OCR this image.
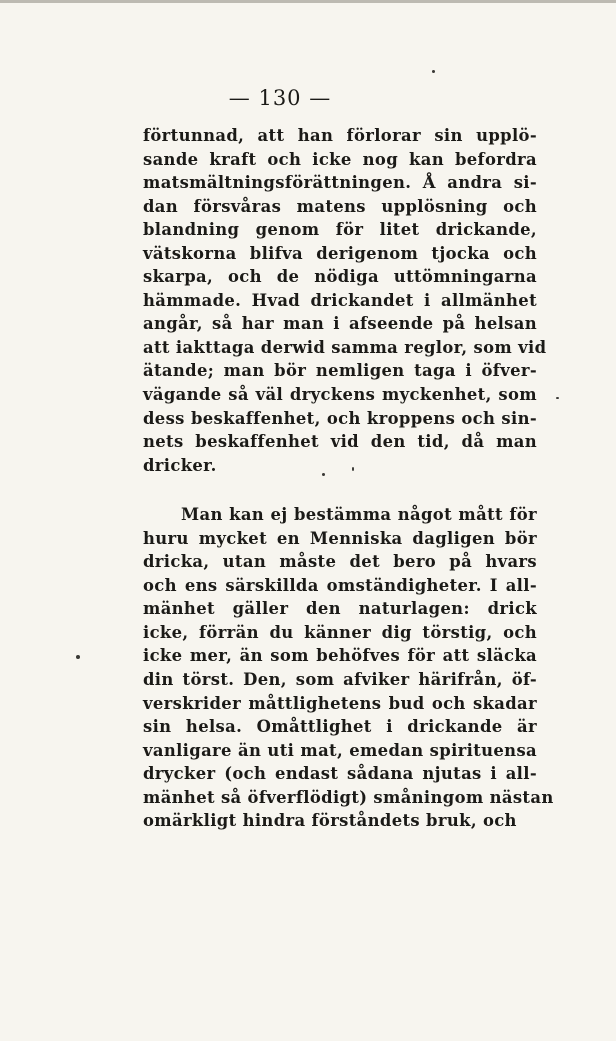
— 130 —
förtunnad, att han förlorar sin upplö-
sande kraft och icke nog kan befordra
matsmältningsförättningen. Å andra si-
dan försvåras matens upplösning och
blandning genom för litet drickande,
vätskorna blifva derigenom tjocka och
skarpa, och de nödiga uttömningarna
hämmade. Hvad drickandet i allmänhet
angår, så har man i afseende på helsan
att iakttaga derwid samma reglor, som vid
ätande; man bör nemligen taga i öfver-
vägande så väl dryckens myckenhet, som
dess beskaffenhet, och kroppens och sin-
nets beskaffenhet vid den tid, då man
dricker.
Man kan ej bestämma något mått för
huru mycket en Menniska dagligen bör
dricka, utan måste det bero på hvars
och ens särskillda omständigheter. I all-
mänhet gäller den naturlagen: drick
icke, förrän du känner dig törstig, och
icke mer, än som behöfves för att släcka
din törst. Den, som afviker härifrån, öf-
verskrider måttlighetens bud och skadar
sin helsa. Omåttlighet i drickande är
vanligare än uti mat, emedan spirituensa
drycker (och endast sådana njutas i all-
mänhet så öfverflödigt) småningom nästan
omärkligt hindra förståndets bruk, och
